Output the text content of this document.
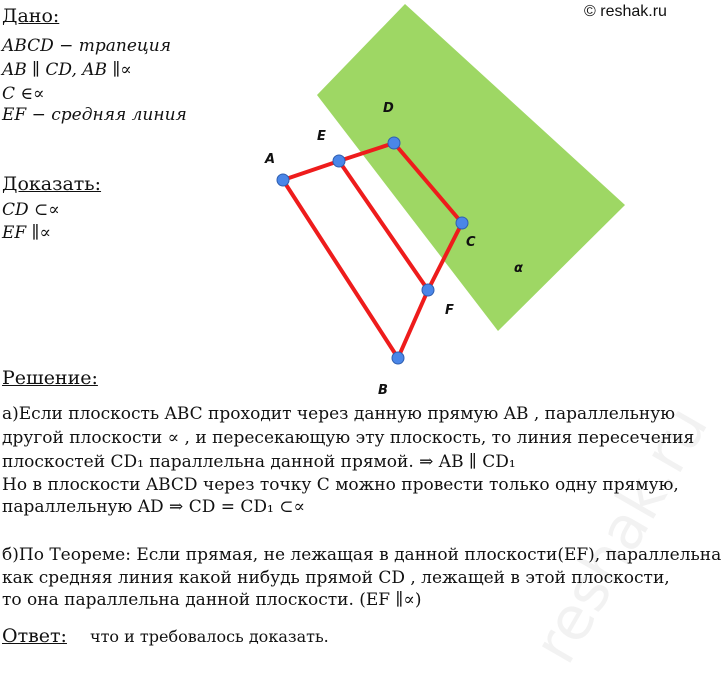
© reshak.ru
Дано:
ABCD − трапеция
AB ∥ CD, AB ∥∝
C ∈∝
EF − средняя линия
Доказать:
CD ⊂∝
EF ∥∝
D
E
A
C
α
F
B
Решение:
а)Если плоскость ABC проходит через данную прямую AB , параллельную
другой плоскости ∝ , и пересекающую эту плоскость, то линия пересечения
плоскостей CD₁ параллельна данной прямой. ⇒ AB ∥ CD₁
Но в плоскости ABCD через точку C можно провести только одну прямую,
параллельную AD ⇒ CD = CD₁ ⊂∝
б)По Теореме: Если прямая, не лежащая в данной плоскости(EF), параллельна
как средняя линия какой нибудь прямой CD , лежащей в этой плоскости,
то она параллельна данной плоскости. (EF ∥∝)
Ответ: что и требовалось доказать.	reshak.ru
